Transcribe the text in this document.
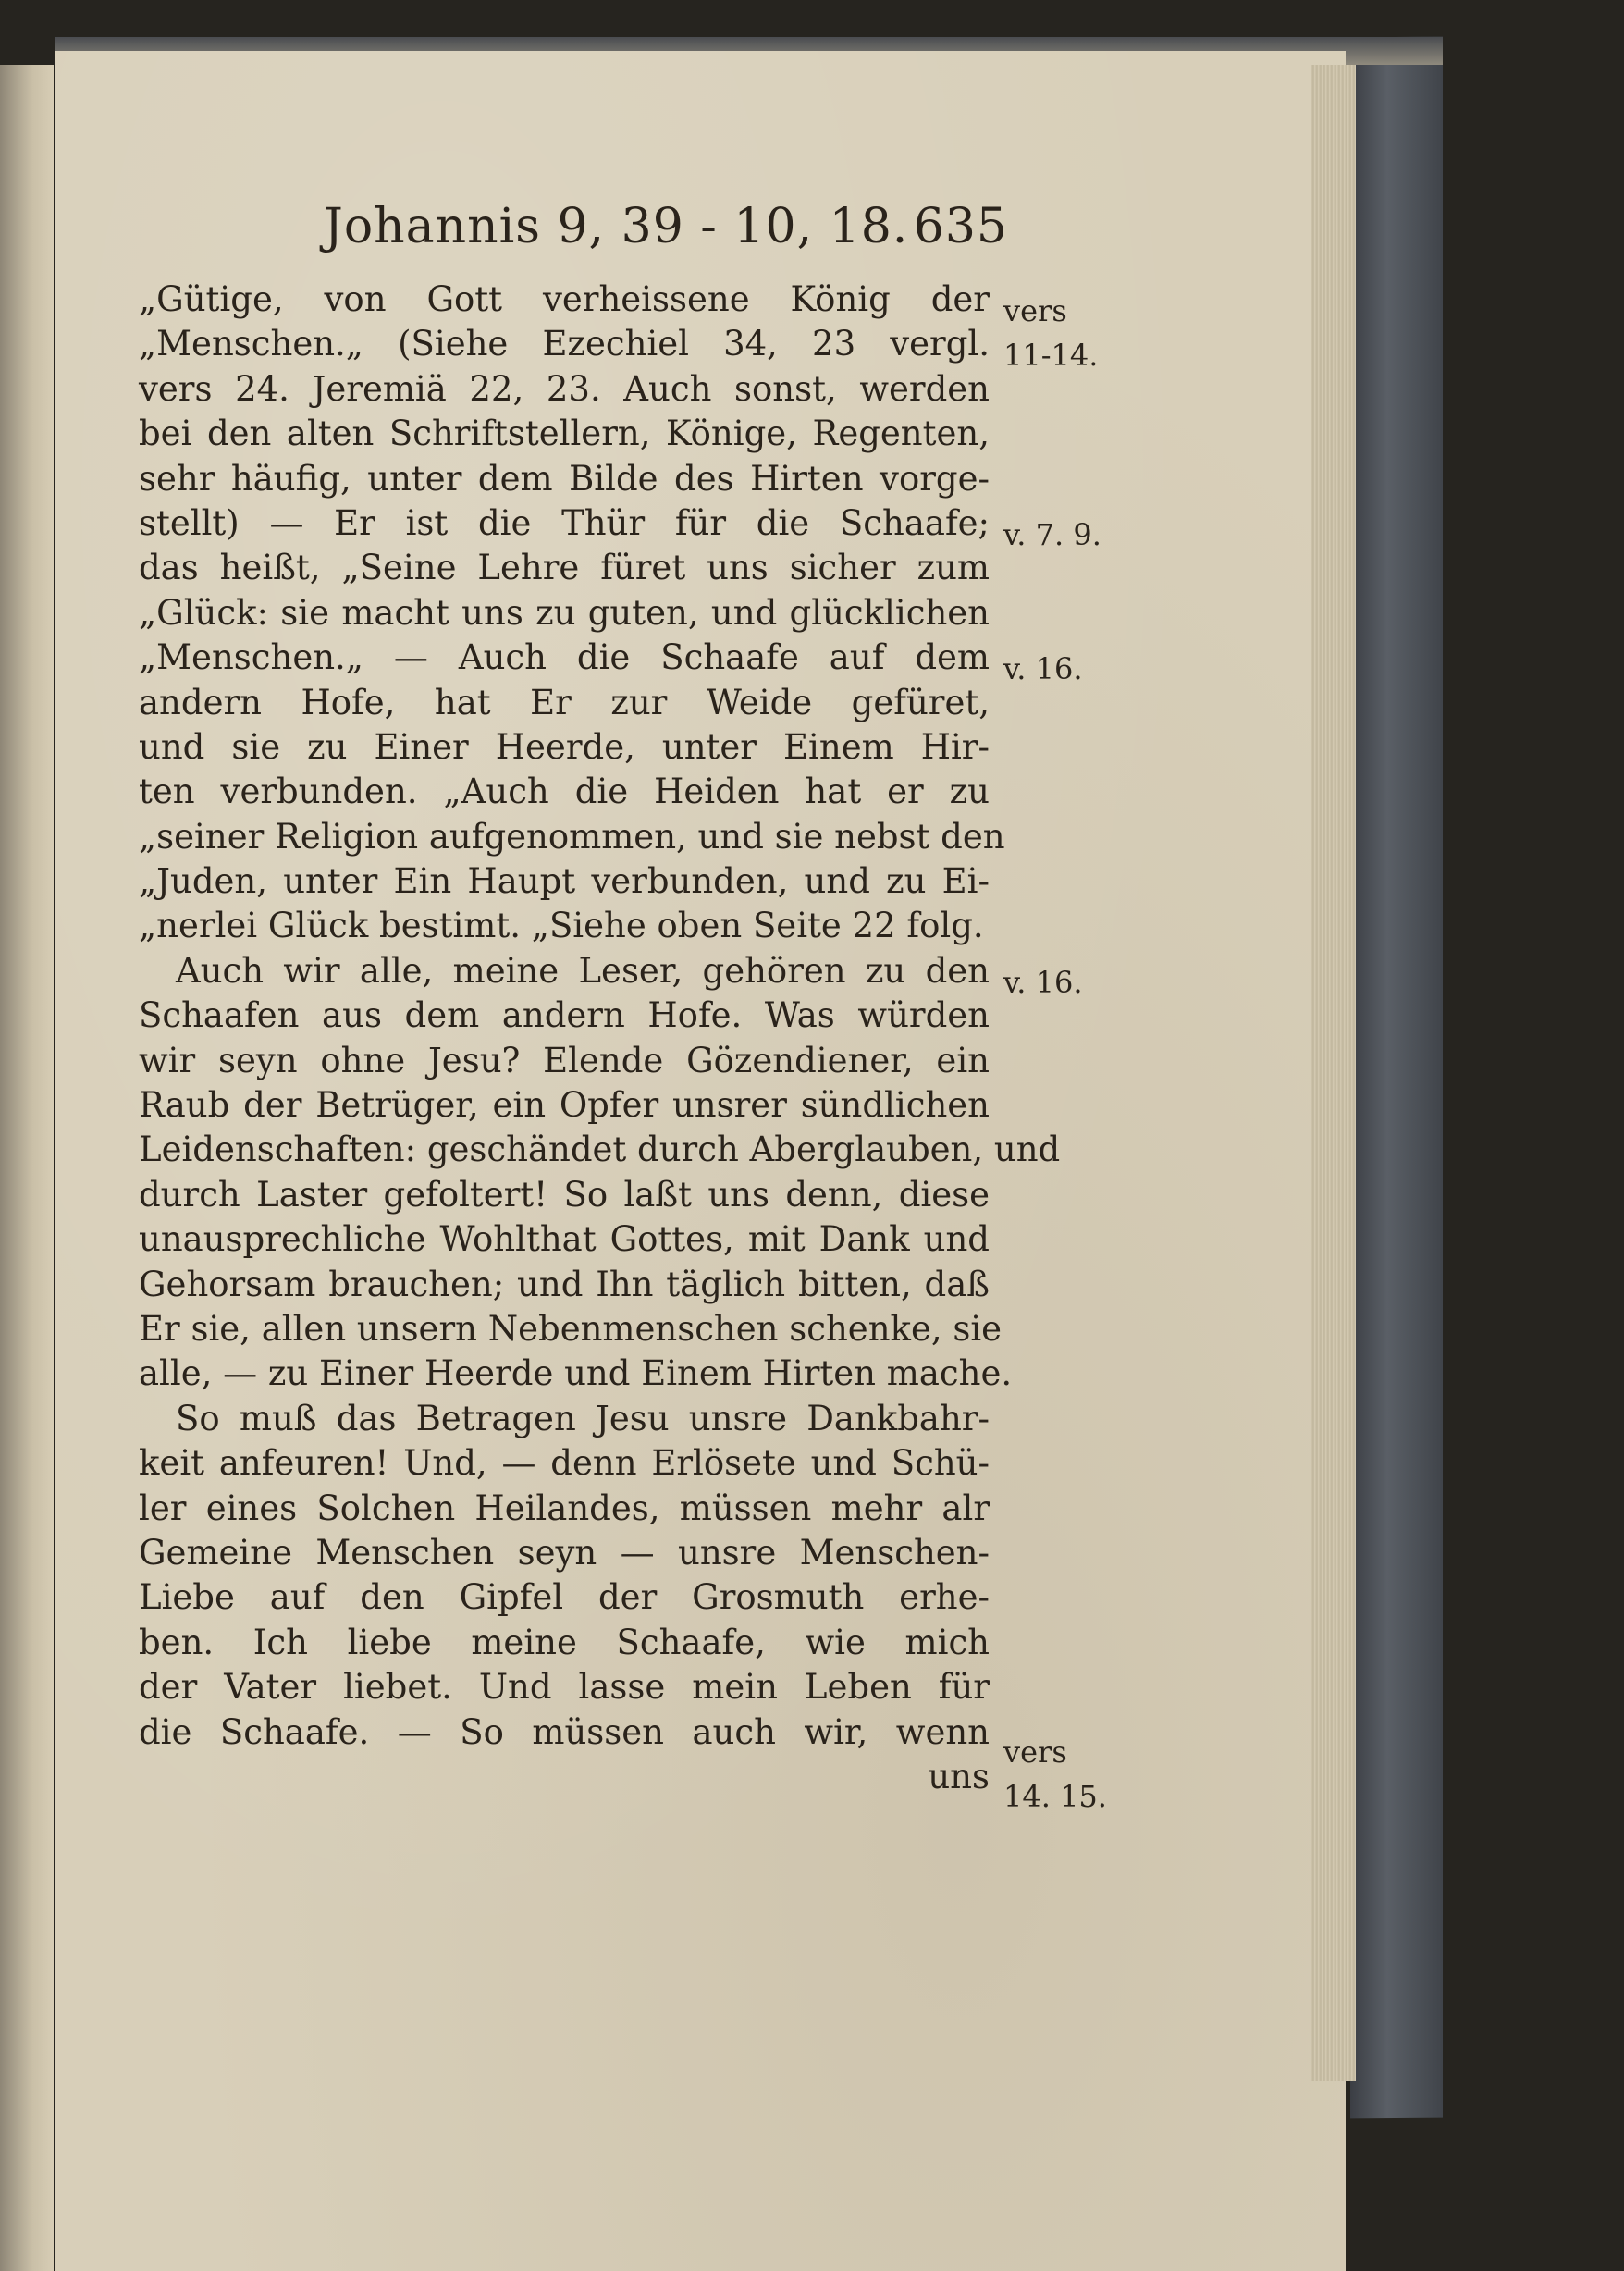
Johannis 9, 39 - 10, 18. 635
„Gütige, von Gott verheissene König der
„Menschen.„ (Siehe Ezechiel 34, 23 vergl.
vers 24. Jeremiä 22, 23. Auch sonst, werden
bei den alten Schriftstellern, Könige, Regenten,
sehr häufig, unter dem Bilde des Hirten vorge-
stellt) — Er ist die Thür für die Schaafe;
das heißt, „Seine Lehre füret uns sicher zum
„Glück: sie macht uns zu guten, und glücklichen
„Menschen.„ — Auch die Schaafe auf dem
andern Hofe, hat Er zur Weide gefüret,
und sie zu Einer Heerde, unter Einem Hir-
ten verbunden. „Auch die Heiden hat er zu
„seiner Religion aufgenommen, und sie nebst den
„Juden, unter Ein Haupt verbunden, und zu Ei-
„nerlei Glück bestimt. „Siehe oben Seite 22 folg.
Auch wir alle, meine Leser, gehören zu den
Schaafen aus dem andern Hofe. Was würden
wir seyn ohne Jesu? Elende Gözendiener, ein
Raub der Betrüger, ein Opfer unsrer sündlichen
Leidenschaften: geschändet durch Aberglauben, und
durch Laster gefoltert! So laßt uns denn, diese
unausprechliche Wohlthat Gottes, mit Dank und
Gehorsam brauchen; und Ihn täglich bitten, daß
Er sie, allen unsern Nebenmenschen schenke, sie
alle, — zu Einer Heerde und Einem Hirten mache.
So muß das Betragen Jesu unsre Dankbahr-
keit anfeuren! Und, — denn Erlösete und Schü-
ler eines Solchen Heilandes, müssen mehr alr
Gemeine Menschen seyn — unsre Menschen-
Liebe auf den Gipfel der Grosmuth erhe-
ben. Ich liebe meine Schaafe, wie mich
der Vater liebet. Und lasse mein Leben für
die Schaafe. — So müssen auch wir, wenn
uns
vers
11-14.
v. 7. 9.
v. 16.
v. 16.
vers
14. 15.
